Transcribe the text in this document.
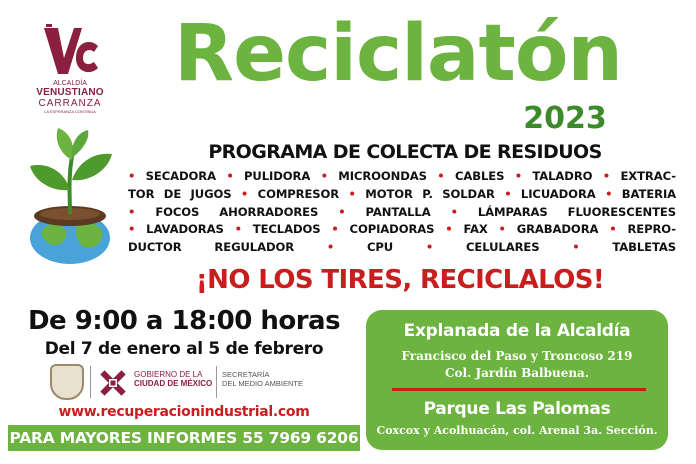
ALCALDÍA
VENUSTIANO
CARRANZA
LA ESPERANZA CONTINÚA
Reciclatón
2023
PROGRAMA DE COLECTA DE RESIDUOS
• SECADORA • PULIDORA • MICROONDAS • CABLES • TALADRO • EXTRAC-
TOR DE JUGOS • COMPRESOR • MOTOR P. SOLDAR • LICUADORA • BATERIA
• FOCOS AHORRADORES • PANTALLA • LÁMPARAS FLUORESCENTES
• LAVADORAS • TECLADOS • COPIADORAS • FAX • GRABADORA • REPRO-
DUCTOR REGULADOR • CPU • CELULARES • TABLETAS
¡NO LOS TIRES, RECICLALOS!
De 9:00 a 18:00 horas
Del 7 de enero al 5 de febrero
GOBIERNO DE LA
CIUDAD DE MÉXICO
SECRETARÍA
DEL MEDIO AMBIENTE
www.recuperacionindustrial.com
PARA MAYORES INFORMES 55 7969 6206
Explanada de la Alcaldía
Francisco del Paso y Troncoso 219
Col. Jardín Balbuena.
Parque Las Palomas
Coxcox y Acolhuacán, col. Arenal 3a. Sección.
